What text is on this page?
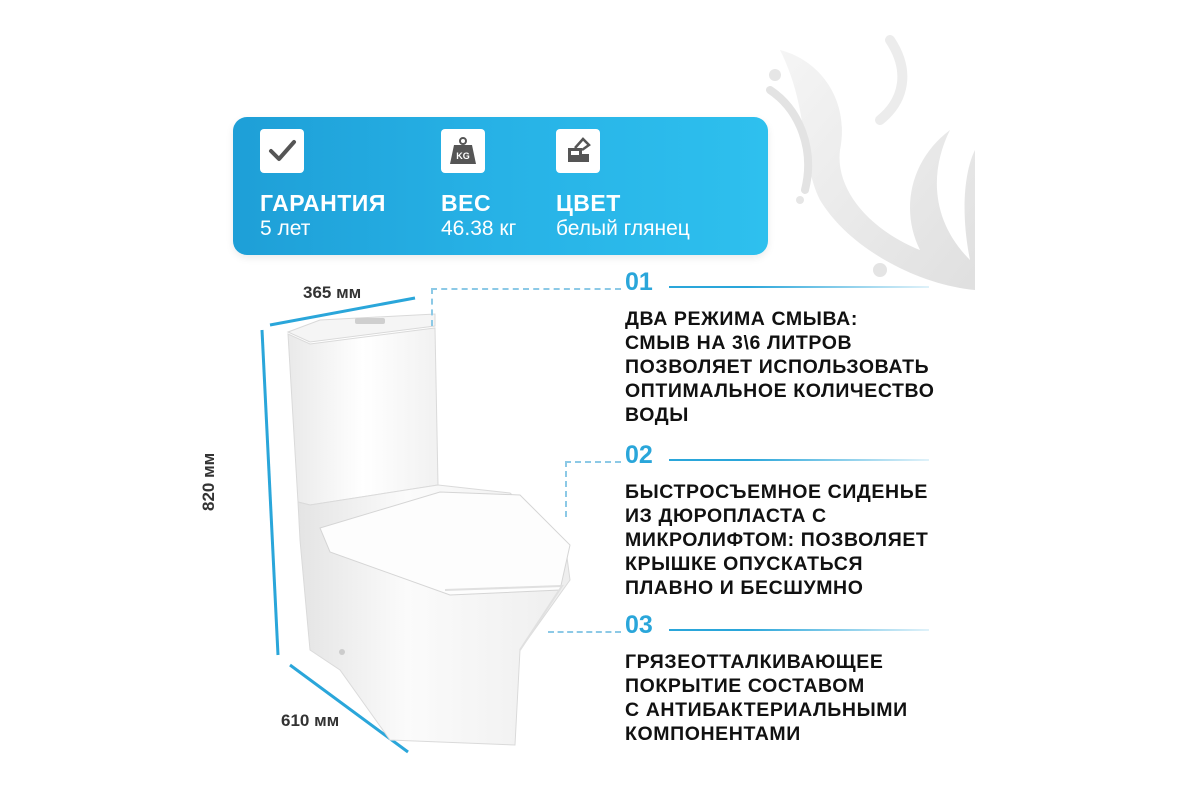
ГАРАНТИЯ
5 лет
KG
ВЕС
46.38 кг
ЦВЕТ
белый глянец
365 мм
820 мм
610 мм
01
ДВА РЕЖИМА СМЫВА:
СМЫВ НА 3\6 ЛИТРОВ
ПОЗВОЛЯЕТ ИСПОЛЬЗОВАТЬ
ОПТИМАЛЬНОЕ КОЛИЧЕСТВО
ВОДЫ
02
БЫСТРОСЪЕМНОЕ СИДЕНЬЕ
ИЗ ДЮРОПЛАСТА С
МИКРОЛИФТОМ: ПОЗВОЛЯЕТ
КРЫШКЕ ОПУСКАТЬСЯ
ПЛАВНО И БЕСШУМНО
03
ГРЯЗЕОТТАЛКИВАЮЩЕЕ
ПОКРЫТИЕ СОСТАВОМ
С АНТИБАКТЕРИАЛЬНЫМИ
КОМПОНЕНТАМИ
